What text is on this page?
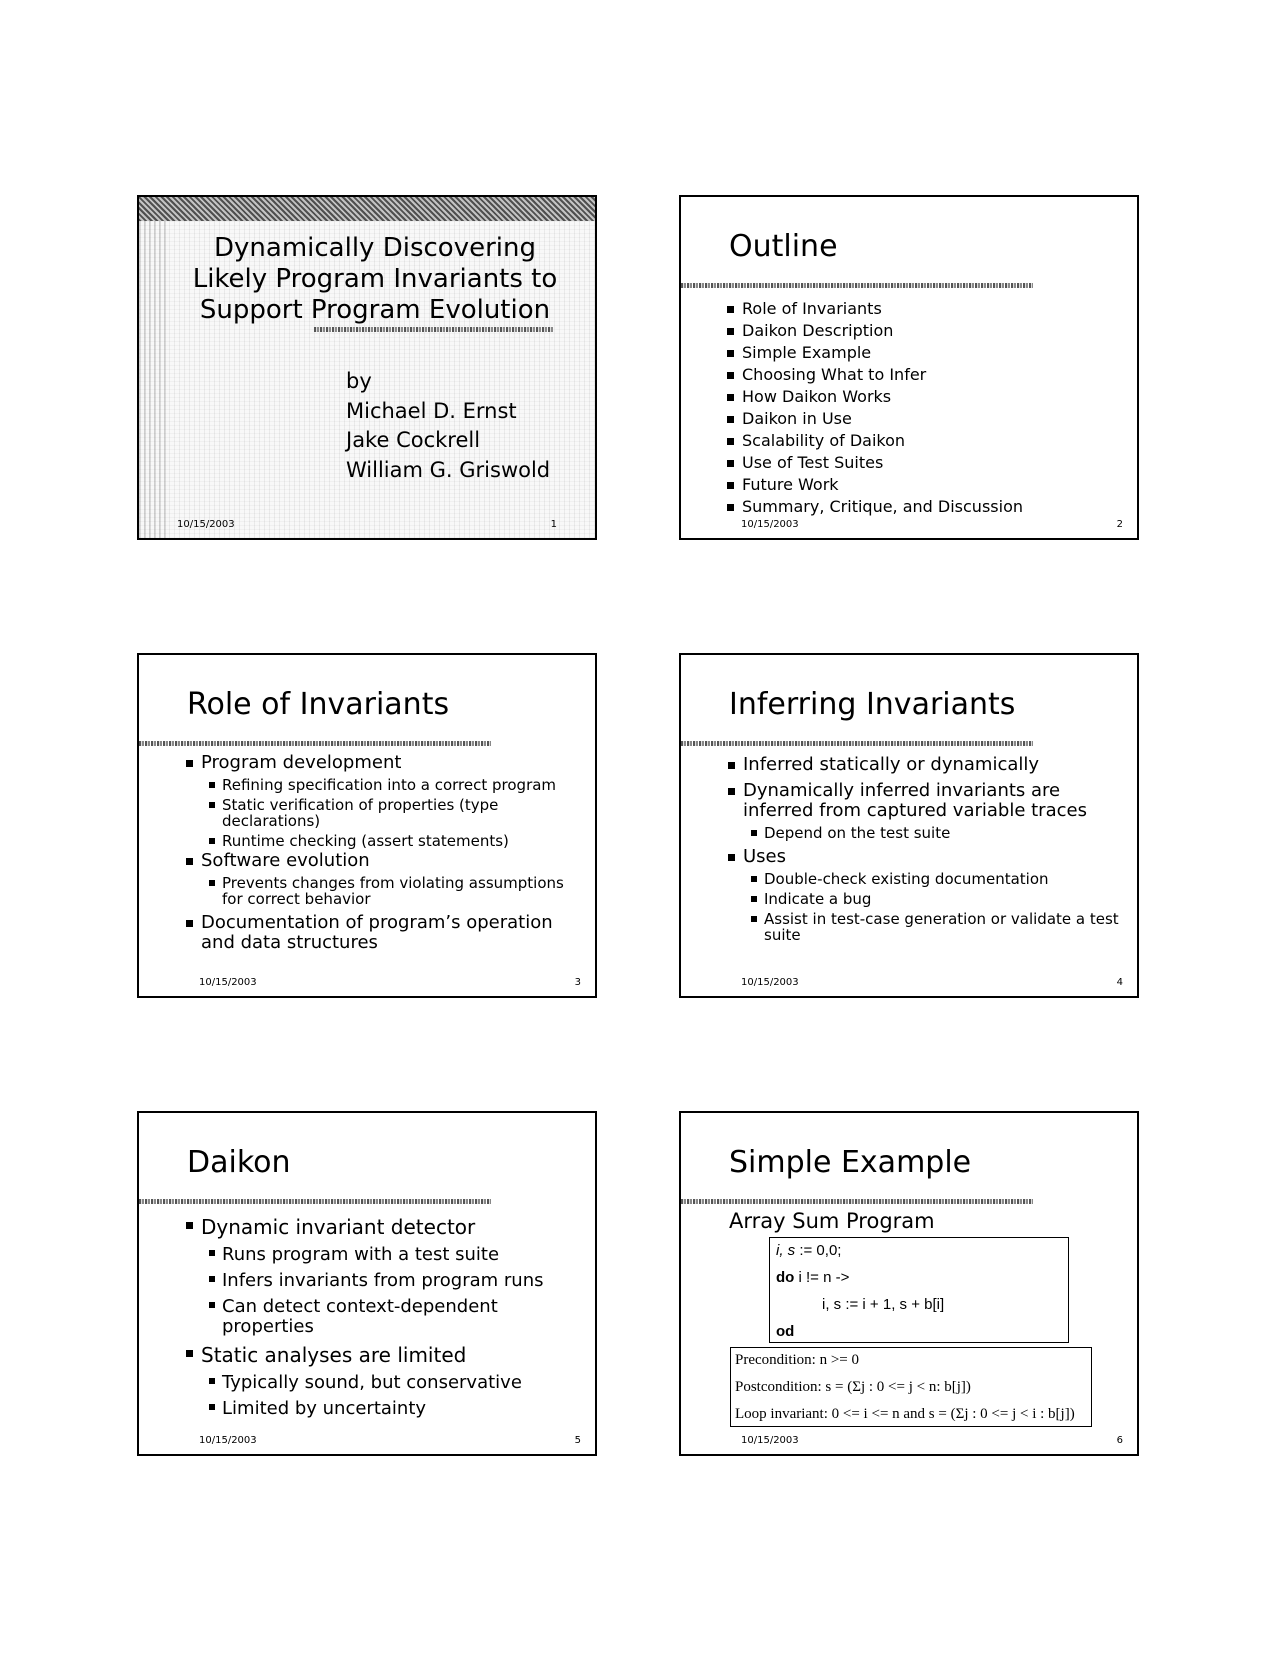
Dynamically Discovering
Likely Program Invariants to
Support Program Evolution
by
Michael D. Ernst
Jake Cockrell
William G. Griswold
10/15/2003	1
Outline
Role of Invariants
Daikon Description
Simple Example
Choosing What to Infer
How Daikon Works
Daikon in Use
Scalability of Daikon
Use of Test Suites
Future Work
Summary, Critique, and Discussion
10/15/2003	2
Role of Invariants
Program development
Refining specification into a correct program
Static verification of properties (type declarations)
Runtime checking (assert statements)
Software evolution
Prevents changes from violating assumptions for correct behavior
Documentation of program’s operation and data structures
10/15/2003	3
Inferring Invariants
Inferred statically or dynamically
Dynamically inferred invariants are inferred from captured variable traces
Depend on the test suite
Uses
Double-check existing documentation
Indicate a bug
Assist in test-case generation or validate a test suite
10/15/2003	4
Daikon
Dynamic invariant detector
Runs program with a test suite
Infers invariants from program runs
Can detect context-dependent properties
Static analyses are limited
Typically sound, but conservative
Limited by uncertainty
10/15/2003	5
Simple Example
Array Sum Program
i, s := 0,0;
do i != n ->
i, s := i + 1, s + b[i]
od
Precondition: n >= 0
Postcondition: s = (Σj : 0 <= j < n: b[j])
Loop invariant: 0 <= i <= n and s = (Σj : 0 <= j < i : b[j])
10/15/2003	6
